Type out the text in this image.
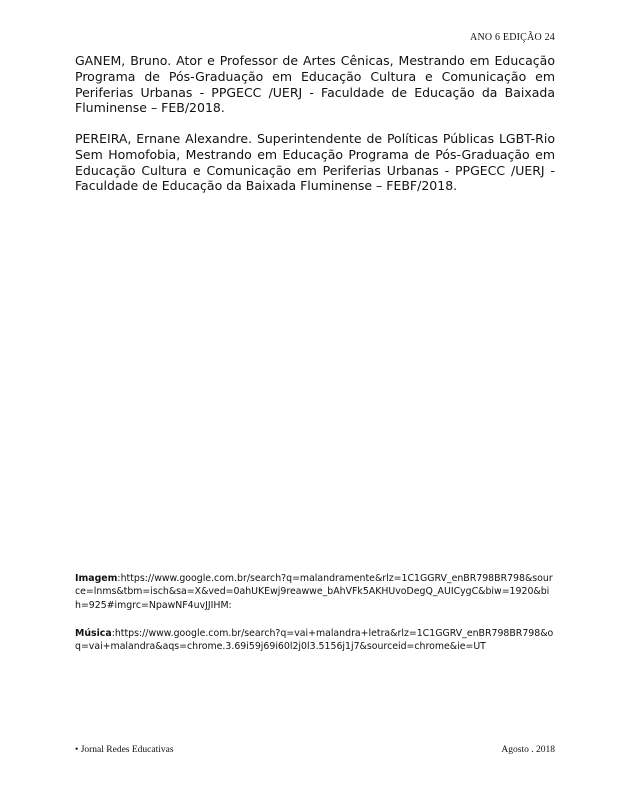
ANO 6 EDIÇÃO 24

GANEM, Bruno. Ator e Professor de Artes Cênicas, Mestrando em Educação Programa de Pós-Graduação em Educação Cultura e Comunicação em Periferias Urbanas - PPGECC /UERJ - Faculdade de Educação da Baixada Fluminense – FEB/2018.

PEREIRA, Ernane Alexandre. Superintendente de Políticas Públicas LGBT-Rio Sem Homofobia, Mestrando em Educação Programa de Pós-Graduação em Educação Cultura e Comunicação em Periferias Urbanas - PPGECC /UERJ - Faculdade de Educação da Baixada Fluminense – FEBF/2018.

Imagem:https://www.google.com.br/search?q=malandramente&rlz=1C1GGRV_enBR798BR798&source=lnms&tbm=isch&sa=X&ved=0ahUKEwj9reawwe_bAhVFk5AKHUvoDegQ_AUICygC&biw=1920&bih=925#imgrc=NpawNF4uvJJIHM:
Música:https://www.google.com.br/search?q=vai+malandra+letra&rlz=1C1GGRV_enBR798BR798&oq=vai+malandra&aqs=chrome.3.69i59j69i60l2j0l3.5156j1j7&sourceid=chrome&ie=UT
• Jornal Redes Educativas	Agosto . 2018
